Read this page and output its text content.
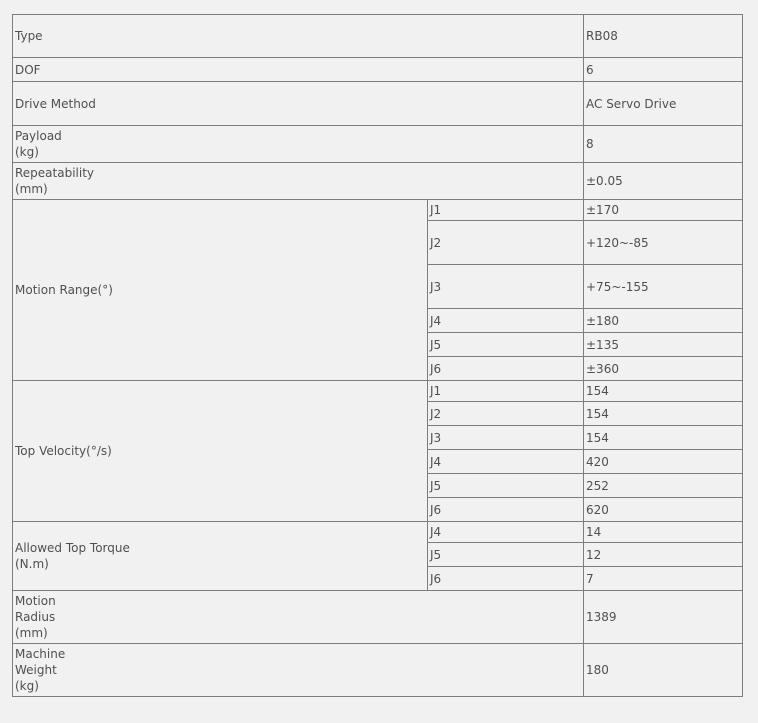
Type		RB08
DOF		6
Drive Method		AC Servo Drive
Payload
(kg)		8
Repeatability
(mm)		±0.05
Motion Range(°)	J1	±170
	J2	+120~-85
	J3	+75~-155
	J4	±180
	J5	±135
	J6	±360
Top Velocity(°/s)	J1	154
	J2	154
	J3	154
	J4	420
	J5	252
	J6	620
Allowed Top Torque
(N.m)	J4	14
	J5	12
	J6	7
Motion
Radius
(mm)		1389
Machine
Weight
(kg)		180
